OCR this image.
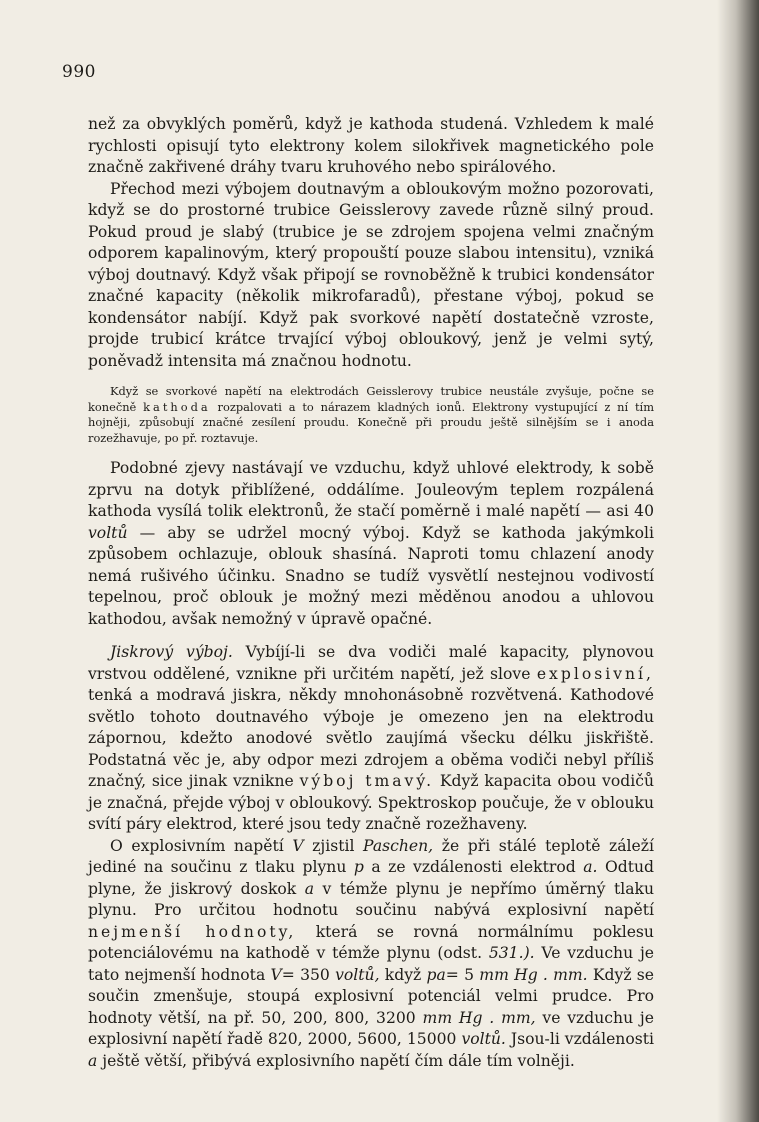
990

než za obvyklých poměrů, když je kathoda studená. Vzhledem k malé rychlosti opisují tyto elektrony kolem silokřivek magnetického pole značně zakřivené dráhy tvaru kruhového nebo spirálového.

Přechod mezi výbojem doutnavým a obloukovým možno pozorovati, když se do prostorné trubice Geisslerovy zavede různě silný proud. Pokud proud je slabý (trubice je se zdrojem spojena velmi značným odporem kapalinovým, který propouští pouze slabou intensitu), vzniká výboj doutnavý. Když však připojí se rovnoběžně k trubici kondensátor značné kapacity (několik mikrofaradů), přestane výboj, pokud se kondensátor nabíjí. Když pak svorkové napětí dostatečně vzroste, projde trubicí krátce trvající výboj obloukový, jenž je velmi sytý, poněvadž intensita má značnou hodnotu.

Když se svorkové napětí na elektrodách Geisslerovy trubice neustále zvyšuje, počne se konečně kathoda rozpalovati a to nárazem kladných ionů. Elektrony vystupující z ní tím hojněji, způsobují značné zesílení proudu. Konečně při proudu ještě silnějším se i anoda rozežhavuje, po př. roztavuje.

Podobné zjevy nastávají ve vzduchu, když uhlové elektrody, k sobě zprvu na dotyk přiblížené, oddálíme. Jouleovým teplem rozpálená kathoda vysílá tolik elektronů, že stačí poměrně i malé napětí — asi 40 voltů — aby se udržel mocný výboj. Když se kathoda jakýmkoli způsobem ochlazuje, oblouk shasíná. Naproti tomu chlazení anody nemá rušivého účinku. Snadno se tudíž vysvětlí nestejnou vodivostí tepelnou, proč oblouk je možný mezi měděnou anodou a uhlovou kathodou, avšak nemožný v úpravě opačné.

Jiskrový výboj. Vybíjí-li se dva vodiči malé kapacity, plynovou vrstvou oddělené, vznikne při určitém napětí, jež slove explosivní, tenká a modravá jiskra, někdy mnohonásobně rozvětvená. Kathodové světlo tohoto doutnavého výboje je omezeno jen na elektrodu zápornou, kdežto anodové světlo zaujímá všecku délku jiskřiště. Podstatná věc je, aby odpor mezi zdrojem a oběma vodiči nebyl příliš značný, sice jinak vznikne výboj tmavý. Když kapacita obou vodičů je značná, přejde výboj v obloukový. Spektroskop poučuje, že v oblouku svítí páry elektrod, které jsou tedy značně rozežhaveny.

O explosivním napětí V zjistil Paschen, že při stálé teplotě záleží jediné na součinu z tlaku plynu p a ze vzdálenosti elektrod a. Odtud plyne, že jiskrový doskok a v témže plynu je nepřímo úměrný tlaku plynu. Pro určitou hodnotu součinu nabývá explosivní napětí nejmenší hodnoty, která se rovná normálnímu poklesu potenciálovému na kathodě v témže plynu (odst. 531.). Ve vzduchu je tato nejmenší hodnota V= 350 voltů, když pa= 5 mm Hg . mm. Když se součin zmenšuje, stoupá explosivní potenciál velmi prudce. Pro hodnoty větší, na př. 50, 200, 800, 3200 mm Hg . mm, ve vzduchu je explosivní napětí řadě 820, 2000, 5600, 15000 voltů. Jsou-li vzdálenosti a ještě větší, přibývá explosivního napětí čím dále tím volněji.
